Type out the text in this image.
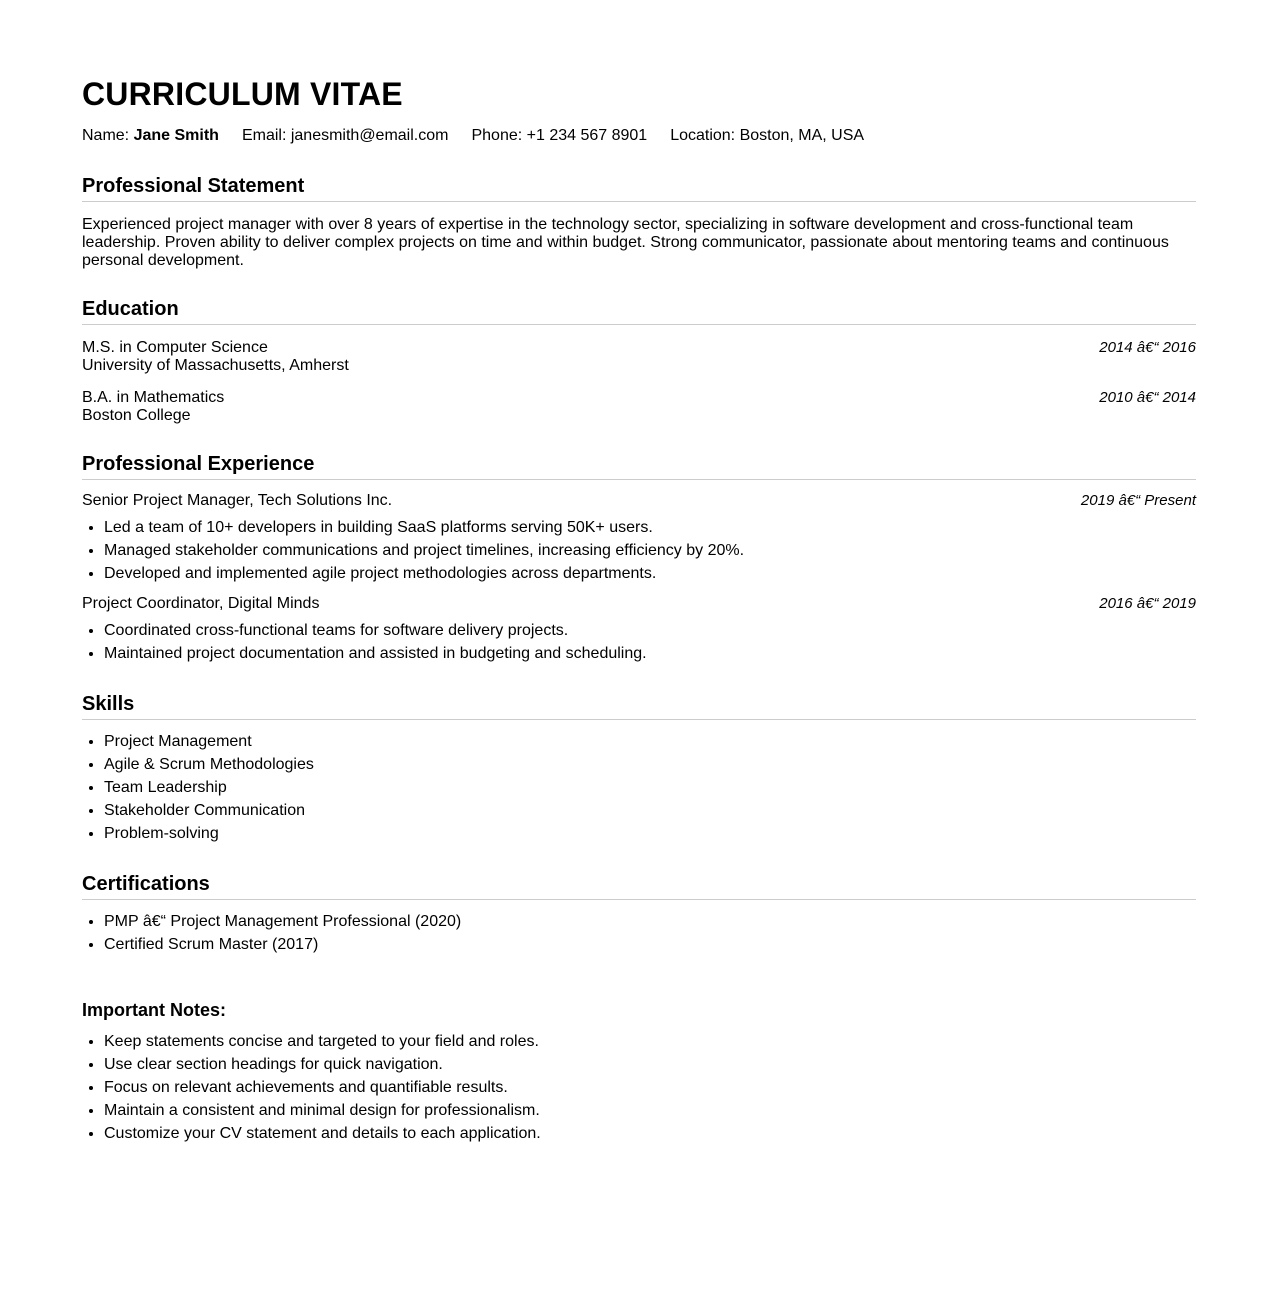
CURRICULUM VITAE
Name: Jane Smith Email: janesmith@email.com Phone: +1 234 567 8901 Location: Boston, MA, USA
Professional Statement
Experienced project manager with over 8 years of expertise in the technology sector, specializing in software development and cross-functional team leadership. Proven ability to deliver complex projects on time and within budget. Strong communicator, passionate about mentoring teams and continuous personal development.
Education
M.S. in Computer Science
University of Massachusetts, Amherst
2014 â€“ 2016
B.A. in Mathematics
Boston College
2010 â€“ 2014
Professional Experience
Senior Project Manager, Tech Solutions Inc.	2019 â€“ Present
• Led a team of 10+ developers in building SaaS platforms serving 50K+ users.
• Managed stakeholder communications and project timelines, increasing efficiency by 20%.
• Developed and implemented agile project methodologies across departments.
Project Coordinator, Digital Minds	2016 â€“ 2019
• Coordinated cross-functional teams for software delivery projects.
• Maintained project documentation and assisted in budgeting and scheduling.
Skills
• Project Management
• Agile & Scrum Methodologies
• Team Leadership
• Stakeholder Communication
• Problem-solving
Certifications
• PMP â€“ Project Management Professional (2020)
• Certified Scrum Master (2017)
Important Notes:
• Keep statements concise and targeted to your field and roles.
• Use clear section headings for quick navigation.
• Focus on relevant achievements and quantifiable results.
• Maintain a consistent and minimal design for professionalism.
• Customize your CV statement and details to each application.
